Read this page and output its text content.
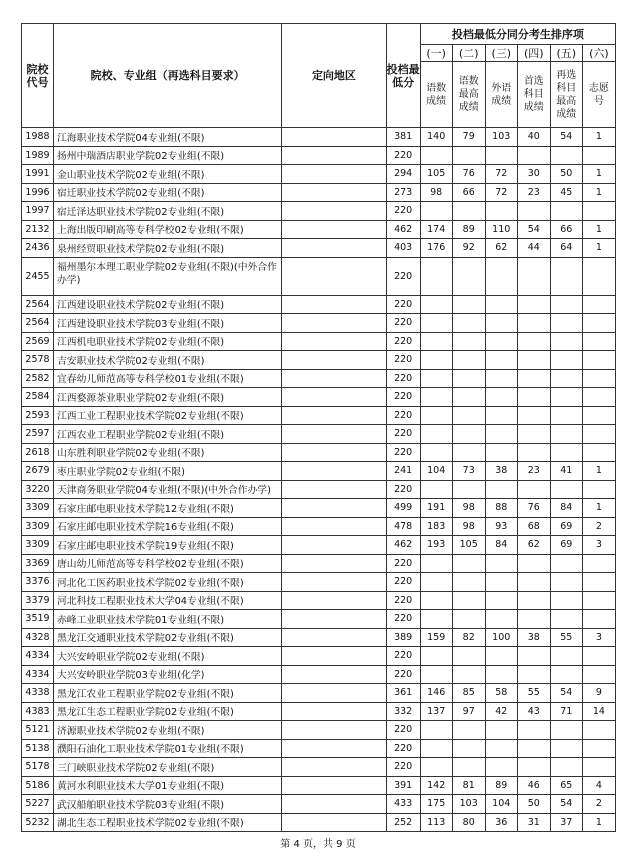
院校代号	院校、专业组（再选科目要求）	定向地区	投档最低分	投档最低分同分考生排序项					
				(一)	(二)	(三)	(四)	(五)	(六)
				语数成绩	语数最高成绩	外语成绩	首选科目成绩	再选科目最高成绩	志愿号
1988	江海职业技术学院04专业组(不限)		381	140	79	103	40	54	1
1989	扬州中瑞酒店职业学院02专业组(不限)		220						
1991	金山职业技术学院02专业组(不限)		294	105	76	72	30	50	1
1996	宿迁职业技术学院02专业组(不限)		273	98	66	72	23	45	1
1997	宿迁泽达职业技术学院02专业组(不限)		220						
2132	上海出版印刷高等专科学校02专业组(不限)		462	174	89	110	54	66	1
2436	泉州经贸职业技术学院02专业组(不限)		403	176	92	62	44	64	1
2455	福州墨尔本理工职业学院02专业组(不限)(中外合作办学)		220						
2564	江西建设职业技术学院02专业组(不限)		220						
2564	江西建设职业技术学院03专业组(不限)		220						
2569	江西机电职业技术学院02专业组(不限)		220						
2578	吉安职业技术学院02专业组(不限)		220						
2582	宜春幼儿师范高等专科学校01专业组(不限)		220						
2584	江西婺源茶业职业学院02专业组(不限)		220						
2593	江西工业工程职业技术学院02专业组(不限)		220						
2597	江西农业工程职业学院02专业组(不限)		220						
2618	山东胜利职业学院02专业组(不限)		220						
2679	枣庄职业学院02专业组(不限)		241	104	73	38	23	41	1
3220	天津商务职业学院04专业组(不限)(中外合作办学)		220						
3309	石家庄邮电职业技术学院12专业组(不限)		499	191	98	88	76	84	1
3309	石家庄邮电职业技术学院16专业组(不限)		478	183	98	93	68	69	2
3309	石家庄邮电职业技术学院19专业组(不限)		462	193	105	84	62	69	3
3369	唐山幼儿师范高等专科学校02专业组(不限)		220						
3376	河北化工医药职业技术学院02专业组(不限)		220						
3379	河北科技工程职业技术大学04专业组(不限)		220						
3519	赤峰工业职业技术学院01专业组(不限)		220						
4328	黑龙江交通职业技术学院02专业组(不限)		389	159	82	100	38	55	3
4334	大兴安岭职业学院02专业组(不限)		220						
4334	大兴安岭职业学院03专业组(化学)		220						
4338	黑龙江农业工程职业学院02专业组(不限)		361	146	85	58	55	54	9
4383	黑龙江生态工程职业学院02专业组(不限)		332	137	97	42	43	71	14
5121	济源职业技术学院02专业组(不限)		220						
5138	濮阳石油化工职业技术学院01专业组(不限)		220						
5178	三门峡职业技术学院02专业组(不限)		220						
5186	黄河水利职业技术大学01专业组(不限)		391	142	81	89	46	65	4
5227	武汉船舶职业技术学院03专业组(不限)		433	175	103	104	50	54	2
5232	湖北生态工程职业技术学院02专业组(不限)		252	113	80	36	31	37	1
第 4 页，共 9 页
